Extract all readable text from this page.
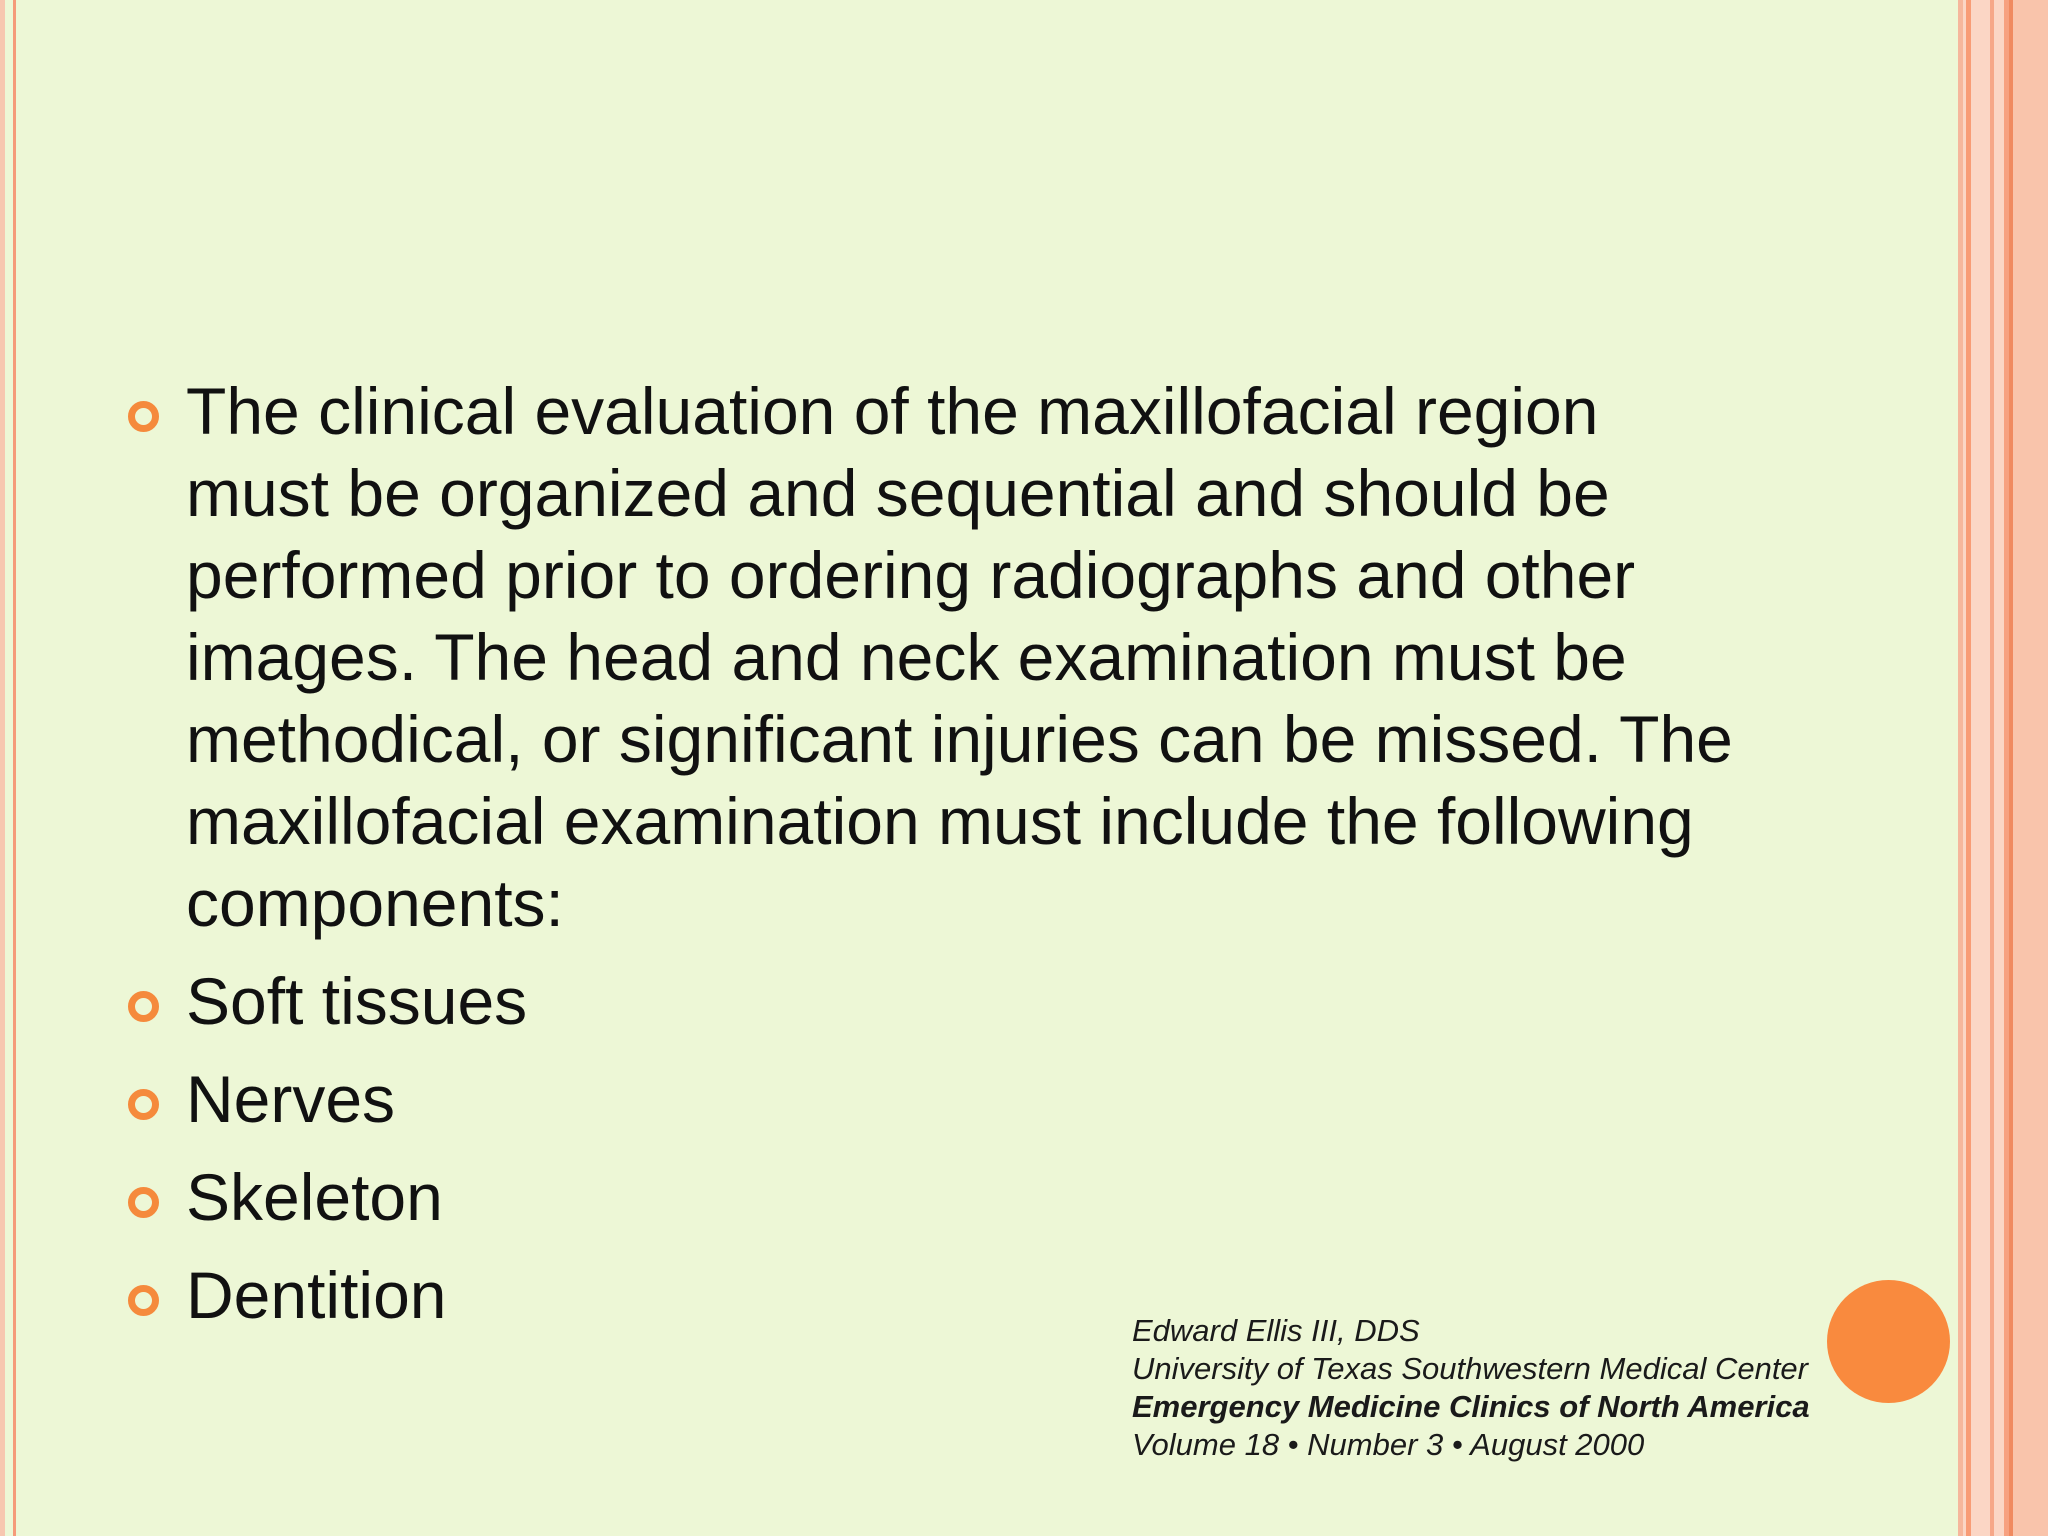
The clinical evaluation of the maxillofacial region must be organized and sequential and should be performed prior to ordering radiographs and other images. The head and neck examination must be methodical, or significant injuries can be missed. The maxillofacial examination must include the following components:
Soft tissues
Nerves
Skeleton
Dentition	Edward Ellis III, DDS
University of Texas Southwestern Medical Center
Emergency Medicine Clinics of North America
Volume 18 • Number 3 • August 2000
